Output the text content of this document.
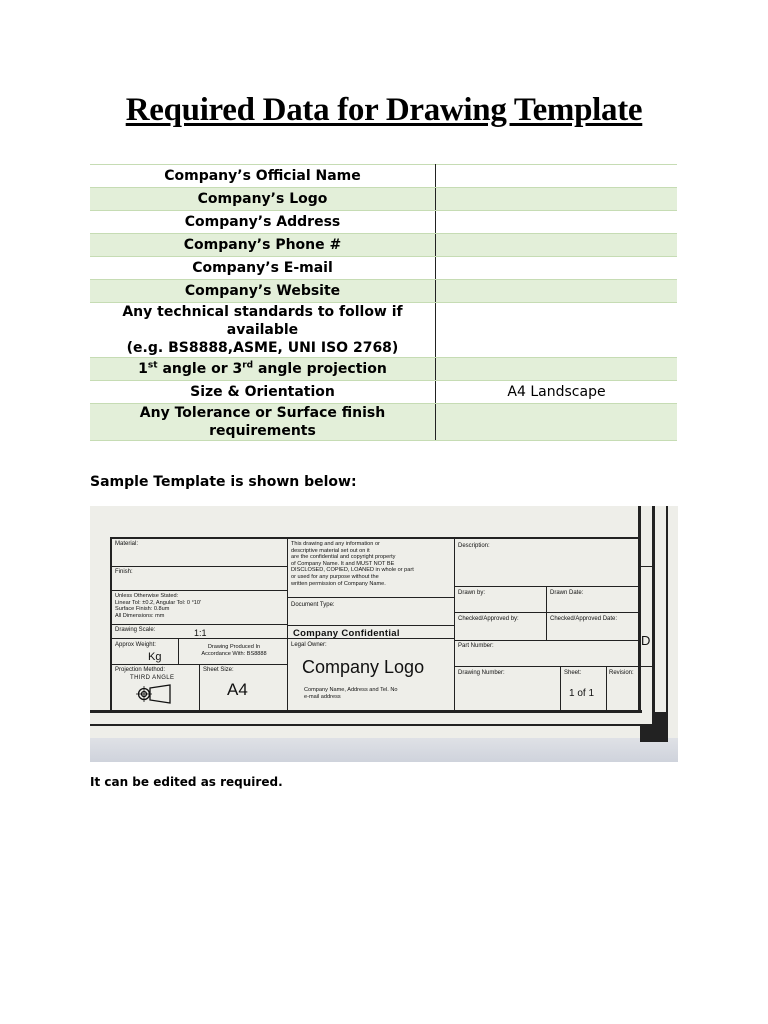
Required Data for Drawing Template
Company’s Official Name	
Company’s Logo	
Company’s Address	
Company’s Phone #	
Company’s E-mail	
Company’s Website	
Any technical standards to follow if available
(e.g. BS8888,ASME, UNI ISO 2768)	
1st angle or 3rd angle projection	
Size & Orientation	A4 Landscape
Any Tolerance or Surface finish requirements	
Sample Template is shown below:
D
Material:
Finish:
Unless Otherwise Stated:
Linear Tol: ±0.2, Angular Tol: 0 °10'
Surface Finish: 0.8um
All Dimensions: mm
This drawing and any information or
descriptive material set out on it
are the confidential and copyright property
of Company Name. It and MUST NOT BE
DISCLOSED, COPIED, LOANED in whole or part
or used for any purpose without the
written permission of Company Name.
Description:
Drawn by:	Drawn Date:
Document Type:
Checked/Approved by:	Checked/Approved Date:
Drawing Scale:	1:1	Company Confidential
Part Number:
Approx Weight:
Kg
Drawing Produced In
Accordance With: BS8888
Legal Owner:
Company Logo
Company Name, Address and Tel. No
e-mail address
Projection Method:
THIRD ANGLE
Sheet Size:
A4
Drawing Number:	Sheet:
1 of 1
Revision:
It can be edited as required.
